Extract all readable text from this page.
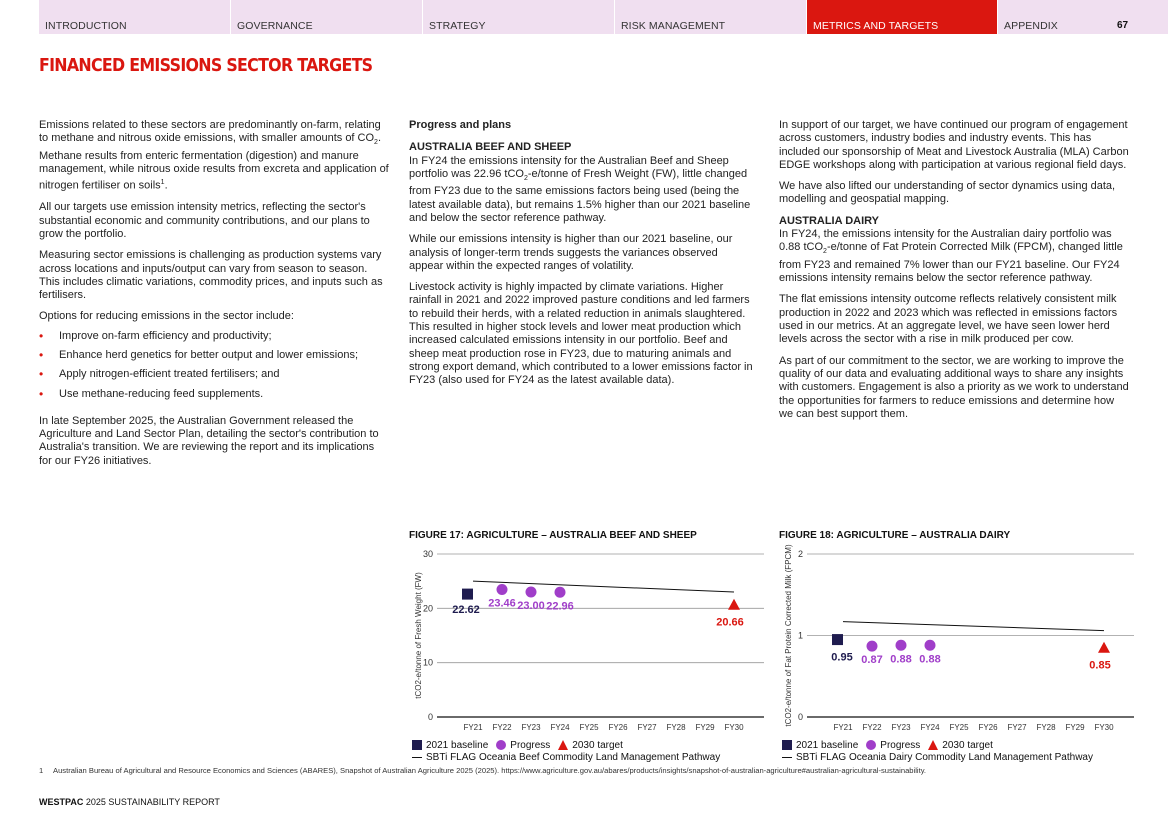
INTRODUCTION	GOVERNANCE	STRATEGY	RISK MANAGEMENT	METRICS AND TARGETS	APPENDIX	67
FINANCED EMISSIONS SECTOR TARGETS

Emissions related to these sectors are predominantly on-farm, relating to methane and nitrous oxide emissions, with smaller amounts of $CO_2$. Methane results from enteric fermentation (digestion) and manure management, while nitrous oxide results from excreta and application of nitrogen fertiliser on soils$^1$.

All our targets use emission intensity metrics, reflecting the sector's substantial economic and community contributions, and our plans to grow the portfolio.

Measuring sector emissions is challenging as production systems vary across locations and inputs/output can vary from season to season. This includes climatic variations, commodity prices, and inputs such as fertilisers.

Options for reducing emissions in the sector include:

• Improve on-farm efficiency and productivity;
• Enhance herd genetics for better output and lower emissions;
• Apply nitrogen-efficient treated fertilisers; and
• Use methane-reducing feed supplements.

In late September 2025, the Australian Government released the Agriculture and Land Sector Plan, detailing the sector's contribution to Australia's transition. We are reviewing the report and its implications for our FY26 initiatives.

Progress and plans
AUSTRALIA BEEF AND SHEEP

In FY24 the emissions intensity for the Australian Beef and Sheep portfolio was 22.96 tCO$_2$-e/tonne of Fresh Weight (FW), little changed from FY23 due to the same emissions factors being used (being the latest available data), but remains 1.5% higher than our 2021 baseline and below the sector reference pathway.

While our emissions intensity is higher than our 2021 baseline, our analysis of longer-term trends suggests the variances observed appear within the expected ranges of volatility.

Livestock activity is highly impacted by climate variations. Higher rainfall in 2021 and 2022 improved pasture conditions and led farmers to rebuild their herds, with a related reduction in animals slaughtered. This resulted in higher stock levels and lower meat production which increased calculated emissions intensity in our portfolio. Beef and sheep meat production rose in FY23, due to maturing animals and strong export demand, which contributed to a lower emissions factor in FY23 (also used for FY24 as the latest available data).

In support of our target, we have continued our program of engagement across customers, industry bodies and industry events. This has included our sponsorship of Meat and Livestock Australia (MLA) Carbon EDGE workshops along with participation at various regional field days.

We have also lifted our understanding of sector dynamics using data, modelling and geospatial mapping.

AUSTRALIA DAIRY

In FY24, the emissions intensity for the Australian dairy portfolio was 0.88 tCO$_2$-e/tonne of Fat Protein Corrected Milk (FPCM), changed little from FY23 and remained 7% lower than our FY21 baseline. Our FY24 emissions intensity remains below the sector reference pathway.

The flat emissions intensity outcome reflects relatively consistent milk production in 2022 and 2023 which was reflected in emissions factors used in our metrics. At an aggregate level, we have seen lower herd levels across the sector with a rise in milk produced per cow.

As part of our commitment to the sector, we are working to improve the quality of our data and evaluating additional ways to share any insights with customers. Engagement is also a priority as we work to understand the opportunities for farmers to reduce emissions and determine how we can best support them.

FIGURE 17: AGRICULTURE – AUSTRALIA BEEF AND SHEEP
tCO2-e/tonne of Fresh Weight (FW)
0
10
20
30
FY21 FY22 FY23 FY24 FY25 FY26 FY27 FY28 FY29 FY30
22.62
23.46 23.00 22.96
20.66
2021 baseline Progress 2030 target
SBTi FLAG Oceania Beef Commodity Land Management Pathway
FIGURE 18: AGRICULTURE – AUSTRALIA DAIRY
tCO2-e/tonne of Fat Protein Corrected Milk (FPCM) 0
1
2
FY21 FY22 FY23 FY24 FY25 FY26 FY27 FY28 FY29 FY30
0.95 0.87 0.88 0.88
0.85
2021 baseline Progress 2030 target
SBTi FLAG Oceania Dairy Commodity Land Management Pathway
1	Australian Bureau of Agricultural and Resource Economics and Sciences (ABARES), Snapshot of Australian Agriculture 2025 (2025). https://www.agriculture.gov.au/abares/products/insights/snapshot-of-australian-agriculture#australian-agricultural-sustainability.
WESTPAC 2025 SUSTAINABILITY REPORT
